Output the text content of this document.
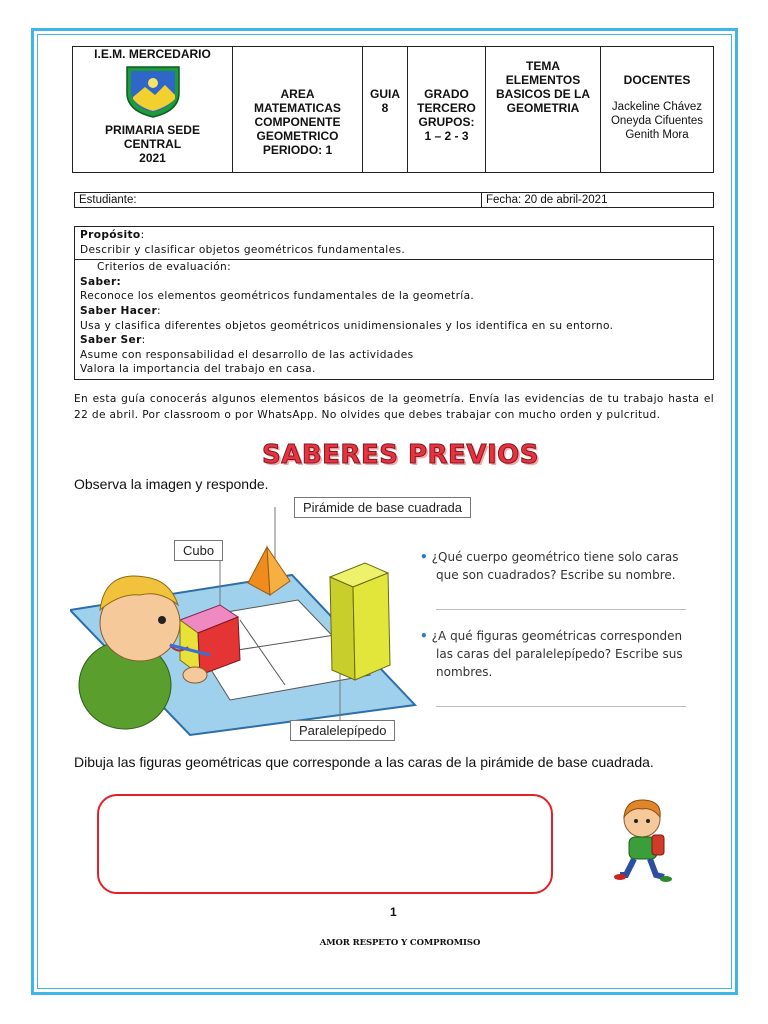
I.E.M. MERCEDARIO
PRIMARIA SEDE CENTRAL
2021

AREA
MATEMATICAS
COMPONENTE
GEOMETRICO
PERIODO: 1

GUIA
8

GRADO
TERCERO
GRUPOS:
1 – 2 - 3

TEMA
ELEMENTOS
BASICOS DE LA
GEOMETRIA

DOCENTES
Jackeline Chávez
Oneyda Cifuentes
Genith Mora
Estudiante:	Fecha: 20 de abril-2021
Propósito:
Describir y clasificar objetos geométricos fundamentales.
Criterios de evaluación:
Saber:
Reconoce los elementos geométricos fundamentales de la geometría.
Saber Hacer:
Usa y clasifica diferentes objetos geométricos unidimensionales y los identifica en su entorno.
Saber Ser:
Asume con responsabilidad el desarrollo de las actividades
Valora la importancia del trabajo en casa.
En esta guía conocerás algunos elementos básicos de la geometría. Envía las evidencias de tu trabajo hasta el 22 de abril. Por classroom o por WhatsApp. No olvides que debes trabajar con mucho orden y pulcritud.
SABERES PREVIOS
Observa la imagen y responde.
Pirámide de base cuadrada
Cubo
Paralelepípedo
• ¿Qué cuerpo geométrico tiene solo caras
que son cuadrados? Escribe su nombre.
• ¿A qué figuras geométricas corresponden
las caras del paralelepípedo? Escribe sus
nombres.
Dibuja las figuras geométricas que corresponde a las caras de la pirámide de base cuadrada.
1
AMOR RESPETO Y COMPROMISO
